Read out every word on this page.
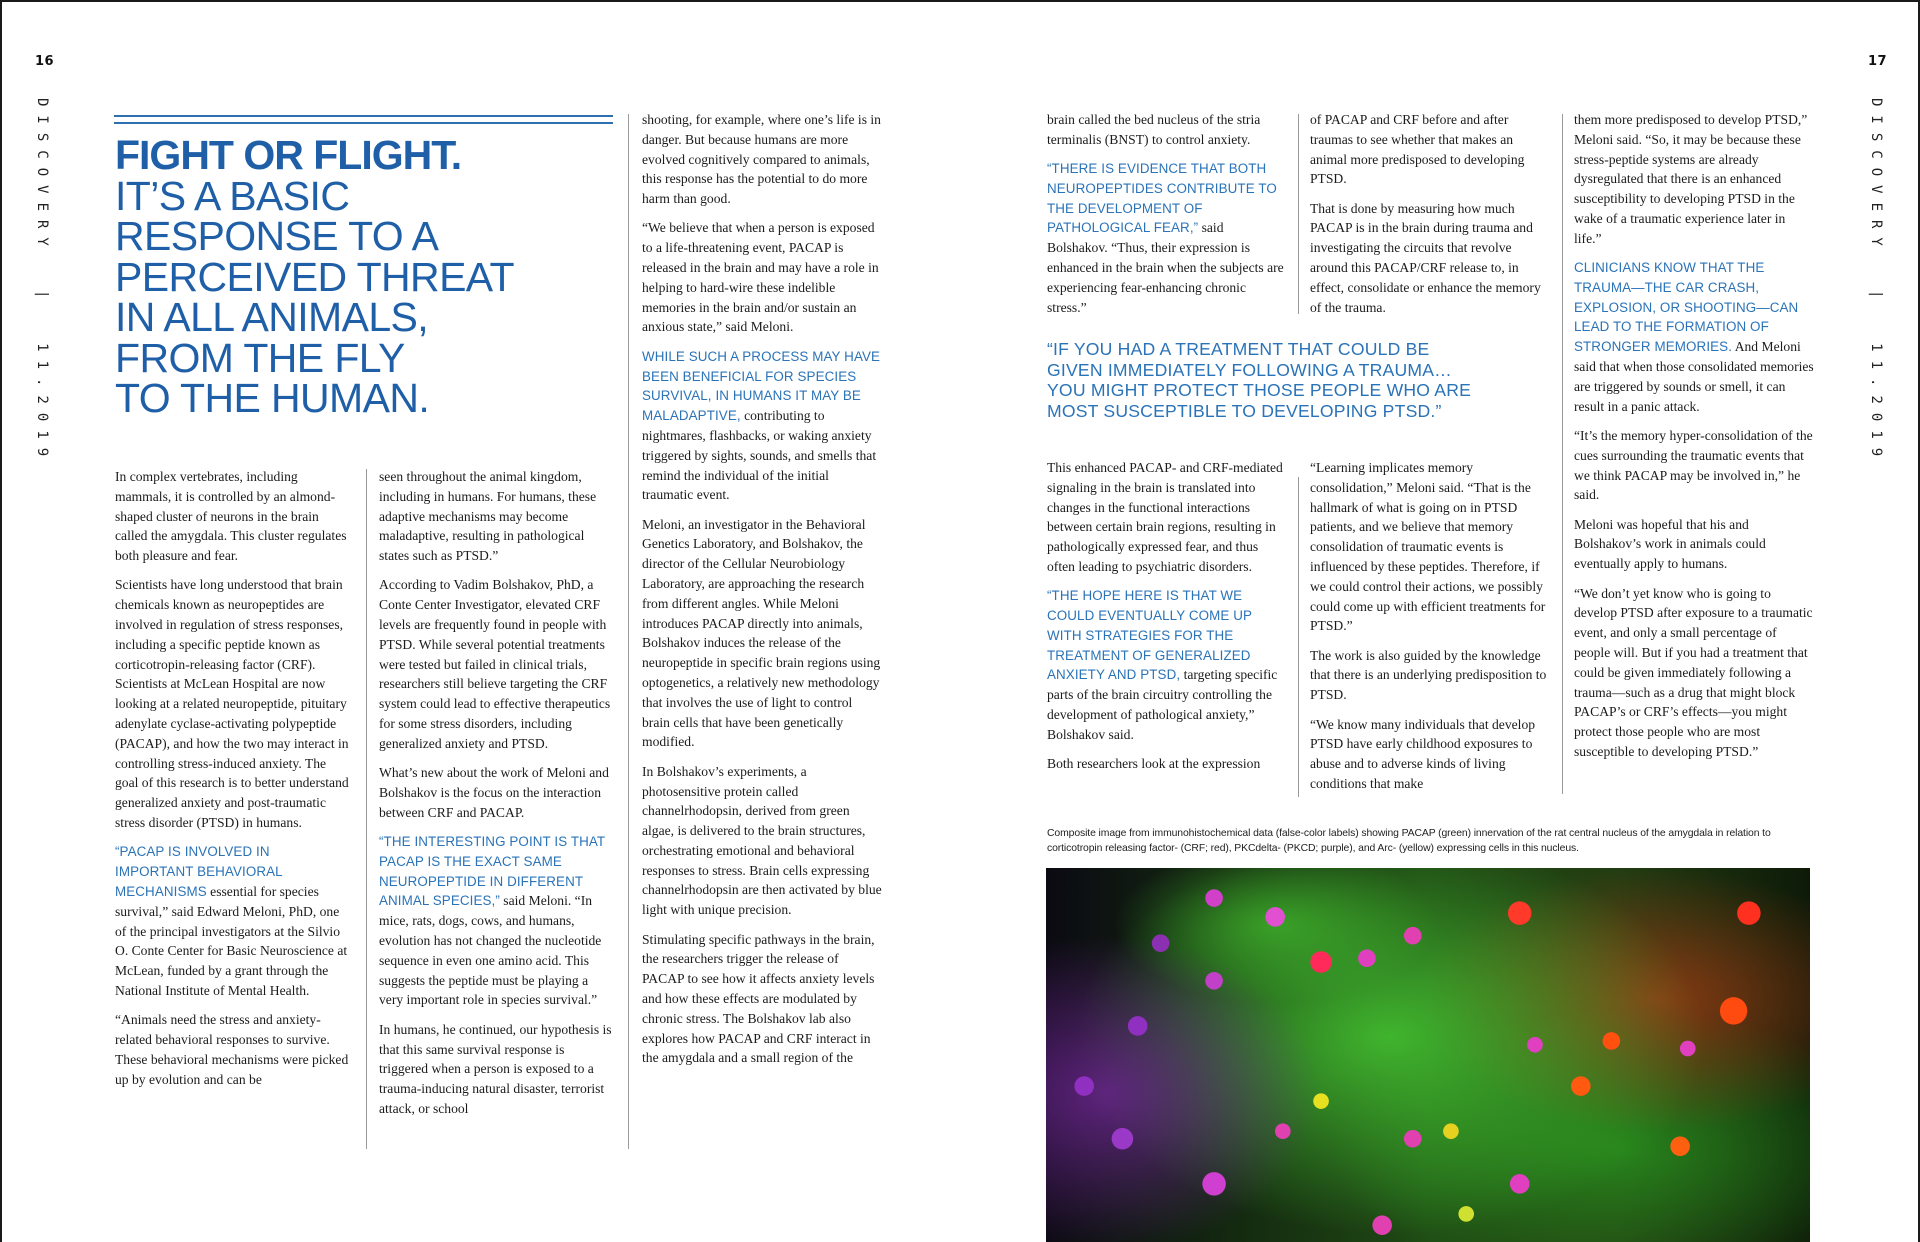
16	17
DISCOVERY | 11.2019
DISCOVERY | 11.2019
FIGHT OR FLIGHT.
IT’S A BASIC
RESPONSE TO A
PERCEIVED THREAT
IN ALL ANIMALS,
FROM THE FLY
TO THE HUMAN.

In complex vertebrates, including mammals, it is controlled by an almond-shaped cluster of neurons in the brain called the amygdala. This cluster regulates both pleasure and fear.

Scientists have long understood that brain chemicals known as neuropeptides are involved in regulation of stress responses, including a specific peptide known as corticotropin-releasing factor (CRF). Scientists at McLean Hospital are now looking at a related neuropeptide, pituitary adenylate cyclase-activating polypeptide (PACAP), and how the two may interact in controlling stress-induced anxiety. The goal of this research is to better understand generalized anxiety and post-traumatic stress disorder (PTSD) in humans.

“PACAP IS INVOLVED IN IMPORTANT BEHAVIORAL MECHANISMS essential for species survival,” said Edward Meloni, PhD, one of the principal investigators at the Silvio O. Conte Center for Basic Neuroscience at McLean, funded by a grant through the National Institute of Mental Health.

“Animals need the stress and anxiety-related behavioral responses to survive. These behavioral mechanisms were picked up by evolution and can be

seen throughout the animal kingdom, including in humans. For humans, these adaptive mechanisms may become maladaptive, resulting in pathological states such as PTSD.”

According to Vadim Bolshakov, PhD, a Conte Center Investigator, elevated CRF levels are frequently found in people with PTSD. While several potential treatments were tested but failed in clinical trials, researchers still believe targeting the CRF system could lead to effective therapeutics for some stress disorders, including generalized anxiety and PTSD.

What’s new about the work of Meloni and Bolshakov is the focus on the interaction between CRF and PACAP.

“THE INTERESTING POINT IS THAT PACAP IS THE EXACT SAME NEUROPEPTIDE IN DIFFERENT ANIMAL SPECIES,” said Meloni. “In mice, rats, dogs, cows, and humans, evolution has not changed the nucleotide sequence in even one amino acid. This suggests the peptide must be playing a very important role in species survival.”

In humans, he continued, our hypothesis is that this same survival response is triggered when a person is exposed to a trauma-inducing natural disaster, terrorist attack, or school

shooting, for example, where one’s life is in danger. But because humans are more evolved cognitively compared to animals, this response has the potential to do more harm than good.

“We believe that when a person is exposed to a life-threatening event, PACAP is released in the brain and may have a role in helping to hard-wire these indelible memories in the brain and/or sustain an anxious state,” said Meloni.

WHILE SUCH A PROCESS MAY HAVE BEEN BENEFICIAL FOR SPECIES SURVIVAL, IN HUMANS IT MAY BE MALADAPTIVE, contributing to nightmares, flashbacks, or waking anxiety triggered by sights, sounds, and smells that remind the individual of the initial traumatic event.

Meloni, an investigator in the Behavioral Genetics Laboratory, and Bolshakov, the director of the Cellular Neurobiology Laboratory, are approaching the research from different angles. While Meloni introduces PACAP directly into animals, Bolshakov induces the release of the neuropeptide in specific brain regions using optogenetics, a relatively new methodology that involves the use of light to control brain cells that have been genetically modified.

In Bolshakov’s experiments, a photosensitive protein called channelrhodopsin, derived from green algae, is delivered to the brain structures, orchestrating emotional and behavioral responses to stress. Brain cells expressing channelrhodopsin are then activated by blue light with unique precision.

Stimulating specific pathways in the brain, the researchers trigger the release of PACAP to see how it affects anxiety levels and how these effects are modulated by chronic stress. The Bolshakov lab also explores how PACAP and CRF interact in the amygdala and a small region of the

brain called the bed nucleus of the stria terminalis (BNST) to control anxiety.

“THERE IS EVIDENCE THAT BOTH NEUROPEPTIDES CONTRIBUTE TO THE DEVELOPMENT OF PATHOLOGICAL FEAR,” said Bolshakov. “Thus, their expression is enhanced in the brain when the subjects are experiencing fear-enhancing chronic stress.”

of PACAP and CRF before and after traumas to see whether that makes an animal more predisposed to developing PTSD.

That is done by measuring how much PACAP is in the brain during trauma and investigating the circuits that revolve around this PACAP/CRF release to, in effect, consolidate or enhance the memory of the trauma.

“IF YOU HAD A TREATMENT THAT COULD BE
GIVEN IMMEDIATELY FOLLOWING A TRAUMA…
YOU MIGHT PROTECT THOSE PEOPLE WHO ARE
MOST SUSCEPTIBLE TO DEVELOPING PTSD.”

This enhanced PACAP- and CRF-mediated signaling in the brain is translated into changes in the functional interactions between certain brain regions, resulting in pathologically expressed fear, and thus often leading to psychiatric disorders.

“THE HOPE HERE IS THAT WE COULD EVENTUALLY COME UP WITH STRATEGIES FOR THE TREATMENT OF GENERALIZED ANXIETY AND PTSD, targeting specific parts of the brain circuitry controlling the development of pathological anxiety,” Bolshakov said.

Both researchers look at the expression

“Learning implicates memory consolidation,” Meloni said. “That is the hallmark of what is going on in PTSD patients, and we believe that memory consolidation of traumatic events is influenced by these peptides. Therefore, if we could control their actions, we possibly could come up with efficient treatments for PTSD.”

The work is also guided by the knowledge that there is an underlying predisposition to PTSD.

“We know many individuals that develop PTSD have early childhood exposures to abuse and to adverse kinds of living conditions that make

them more predisposed to develop PTSD,” Meloni said. “So, it may be because these stress-peptide systems are already dysregulated that there is an enhanced susceptibility to developing PTSD in the wake of a traumatic experience later in life.”

CLINICIANS KNOW THAT THE TRAUMA—THE CAR CRASH, EXPLOSION, OR SHOOTING—CAN LEAD TO THE FORMATION OF STRONGER MEMORIES. And Meloni said that when those consolidated memories are triggered by sounds or smell, it can result in a panic attack.

“It’s the memory hyper-consolidation of the cues surrounding the traumatic events that we think PACAP may be involved in,” he said.

Meloni was hopeful that his and Bolshakov’s work in animals could eventually apply to humans.

“We don’t yet know who is going to develop PTSD after exposure to a traumatic event, and only a small percentage of people will. But if you had a treatment that could be given immediately following a trauma—such as a drug that might block PACAP’s or CRF’s effects—you might protect those people who are most susceptible to developing PTSD.”

Composite image from immunohistochemical data (false-color labels) showing PACAP (green) innervation of the rat central nucleus of the amygdala in relation to corticotropin releasing factor- (CRF; red), PKCdelta- (PKCD; purple), and Arc- (yellow) expressing cells in this nucleus.
